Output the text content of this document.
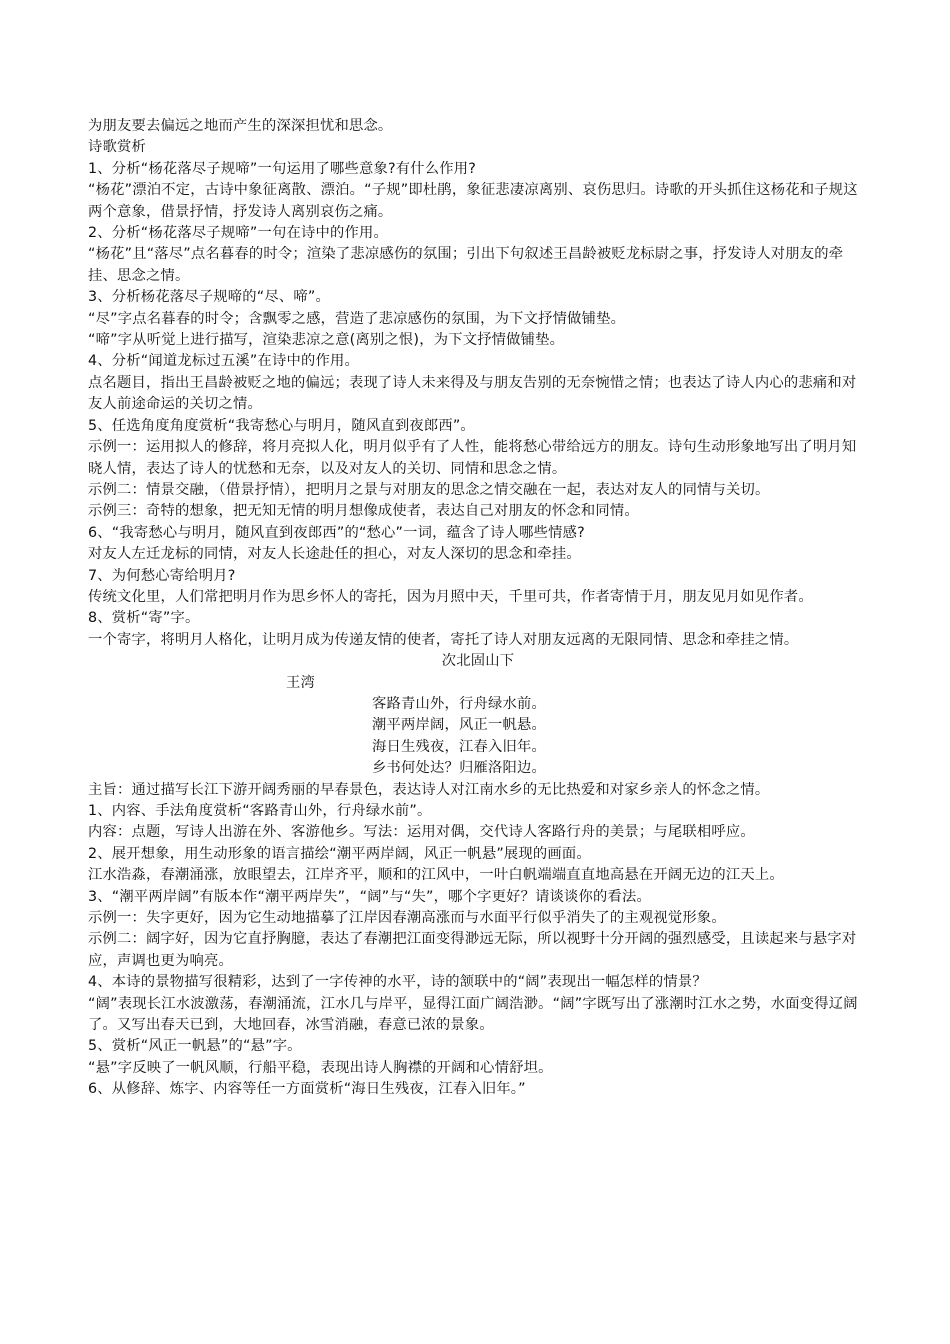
为朋友要去偏远之地而产生的深深担忧和思念。
诗歌赏析
1、分析“杨花落尽子规啼”一句运用了哪些意象?有什么作用?
“杨花”漂泊不定，古诗中象征离散、漂泊。“子规”即杜鹃，象征悲凄凉离别、哀伤思归。诗歌的开头抓住这杨花和子规这两个意象，借景抒情，抒发诗人离别哀伤之痛。
2、分析“杨花落尽子规啼”一句在诗中的作用。
“杨花”且“落尽”点名暮春的时令；渲染了悲凉感伤的氛围；引出下句叙述王昌龄被贬龙标尉之事，抒发诗人对朋友的牵挂、思念之情。
3、分析杨花落尽子规啼的“尽、啼”。
“尽”字点名暮春的时令；含飘零之感，营造了悲凉感伤的氛围，为下文抒情做铺垫。
“啼”字从听觉上进行描写，渲染悲凉之意(离别之恨)，为下文抒情做铺垫。
4、分析“闻道龙标过五溪”在诗中的作用。
点名题目，指出王昌龄被贬之地的偏远；表现了诗人未来得及与朋友告别的无奈惋惜之情；也表达了诗人内心的悲痛和对友人前途命运的关切之情。
5、任选角度角度赏析“我寄愁心与明月，随风直到夜郎西”。
示例一：运用拟人的修辞，将月亮拟人化，明月似乎有了人性，能将愁心带给远方的朋友。诗句生动形象地写出了明月知晓人情，表达了诗人的忧愁和无奈，以及对友人的关切、同情和思念之情。
示例二：情景交融，（借景抒情），把明月之景与对朋友的思念之情交融在一起，表达对友人的同情与关切。
示例三：奇特的想象，把无知无情的明月想像成使者，表达自己对朋友的怀念和同情。
6、“我寄愁心与明月，随风直到夜郎西”的“愁心”一词，蕴含了诗人哪些情感?
对友人左迁龙标的同情，对友人长途赴任的担心，对友人深切的思念和牵挂。
7、为何愁心寄给明月?
传统文化里，人们常把明月作为思乡怀人的寄托，因为月照中天，千里可共，作者寄情于月，朋友见月如见作者。
8、赏析“寄”字。
一个寄字，将明月人格化，让明月成为传递友情的使者，寄托了诗人对朋友远离的无限同情、思念和牵挂之情。
次北固山下
王湾
客路青山外，行舟绿水前。
潮平两岸阔，风正一帆悬。
海日生残夜，江春入旧年。
乡书何处达？归雁洛阳边。
主旨：通过描写长江下游开阔秀丽的早春景色，表达诗人对江南水乡的无比热爱和对家乡亲人的怀念之情。
1、内容、手法角度赏析“客路青山外，行舟绿水前”。
内容：点题，写诗人出游在外、客游他乡。写法：运用对偶，交代诗人客路行舟的美景；与尾联相呼应。
2、展开想象，用生动形象的语言描绘“潮平两岸阔，风正一帆悬”展现的画面。
江水浩淼，春潮涌涨，放眼望去，江岸齐平，顺和的江风中，一叶白帆端端直直地高悬在开阔无边的江天上。
3、“潮平两岸阔”有版本作“潮平两岸失”，“阔”与“失”，哪个字更好？请谈谈你的看法。
示例一：失字更好，因为它生动地描摹了江岸因春潮高涨而与水面平行似乎消失了的主观视觉形象。
示例二：阔字好，因为它直抒胸臆，表达了春潮把江面变得渺远无际，所以视野十分开阔的强烈感受，且读起来与悬字对应，声调也更为响亮。
4、本诗的景物描写很精彩，达到了一字传神的水平，诗的颔联中的“阔”表现出一幅怎样的情景？
“阔”表现长江水波激荡，春潮涌流，江水几与岸平，显得江面广阔浩渺。“阔”字既写出了涨潮时江水之势，水面变得辽阔了。又写出春天已到，大地回春，冰雪消融，春意已浓的景象。
5、赏析“风正一帆悬”的“悬”字。
“悬”字反映了一帆风顺，行船平稳，表现出诗人胸襟的开阔和心情舒坦。
6、从修辞、炼字、内容等任一方面赏析“海日生残夜，江春入旧年。”
